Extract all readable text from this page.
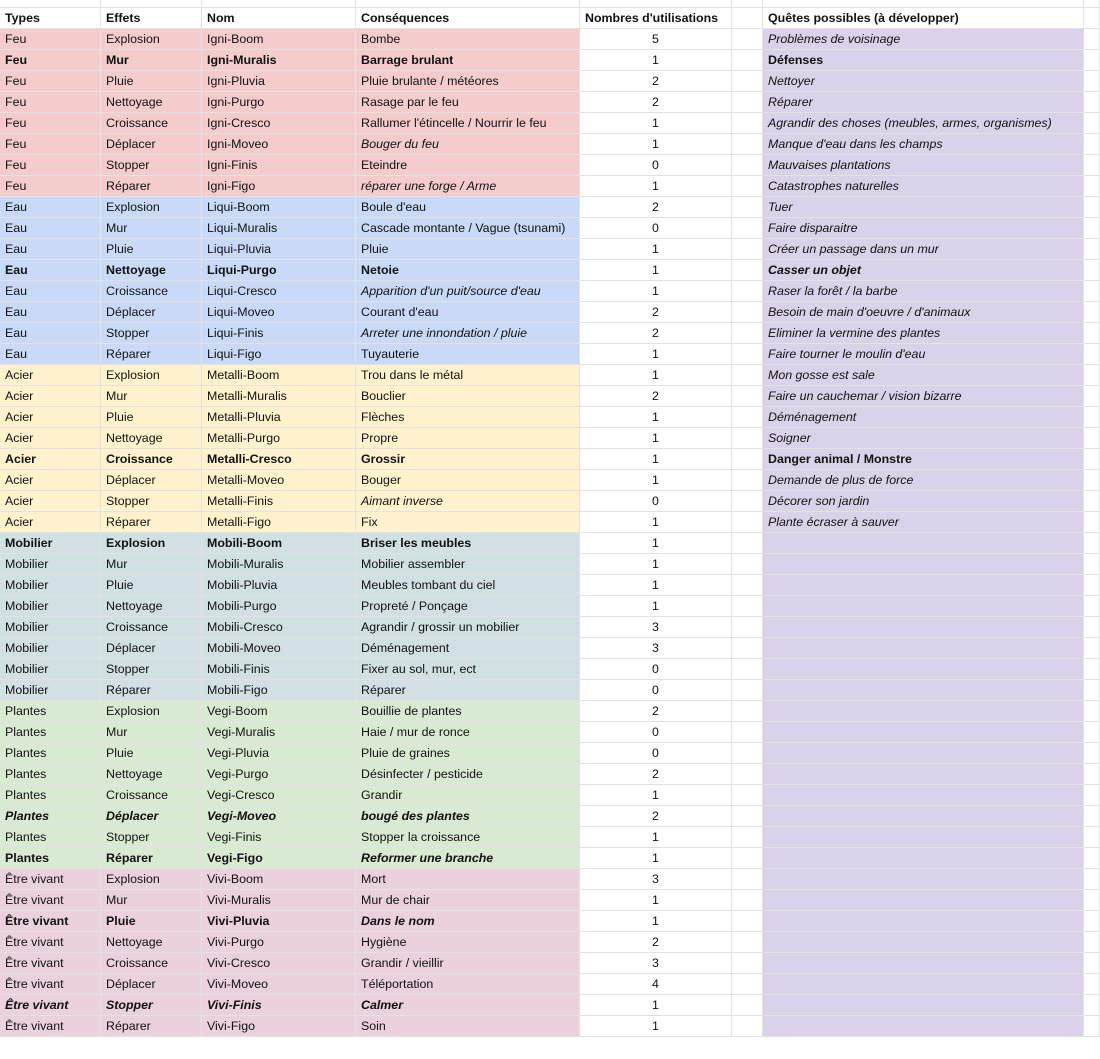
Types	Effets	Nom	Conséquences	Nombres d'utilisations	Quêtes possibles (à développer)
Feu	Explosion	Igni-Boom	Bombe	5	Problèmes de voisinage
Feu	Mur	Igni-Muralis	Barrage brulant	1	Défenses
Feu	Pluie	Igni-Pluvia	Pluie brulante / météores	2	Nettoyer
Feu	Nettoyage	Igni-Purgo	Rasage par le feu	2	Réparer
Feu	Croissance	Igni-Cresco	Rallumer l'étincelle / Nourrir le feu	1	Agrandir des choses (meubles, armes, organismes)
Feu	Déplacer	Igni-Moveo	Bouger du feu	1	Manque d'eau dans les champs
Feu	Stopper	Igni-Finis	Eteindre	0	Mauvaises plantations
Feu	Réparer	Igni-Figo	réparer une forge / Arme	1	Catastrophes naturelles
Eau	Explosion	Liqui-Boom	Boule d'eau	2	Tuer
Eau	Mur	Liqui-Muralis	Cascade montante / Vague (tsunami)	0	Faire disparaitre
Eau	Pluie	Liqui-Pluvia	Pluie	1	Créer un passage dans un mur
Eau	Nettoyage	Liqui-Purgo	Netoie	1	Casser un objet
Eau	Croissance	Liqui-Cresco	Apparition d'un puit/source d'eau	1	Raser la forêt / la barbe
Eau	Déplacer	Liqui-Moveo	Courant d'eau	2	Besoin de main d'oeuvre / d'animaux
Eau	Stopper	Liqui-Finis	Arreter une innondation / pluie	2	Eliminer la vermine des plantes
Eau	Réparer	Liqui-Figo	Tuyauterie	1	Faire tourner le moulin d'eau
Acier	Explosion	Metalli-Boom	Trou dans le métal	1	Mon gosse est sale
Acier	Mur	Metalli-Muralis	Bouclier	2	Faire un cauchemar / vision bizarre
Acier	Pluie	Metalli-Pluvia	Flèches	1	Déménagement
Acier	Nettoyage	Metalli-Purgo	Propre	1	Soigner
Acier	Croissance	Metalli-Cresco	Grossir	1	Danger animal / Monstre
Acier	Déplacer	Metalli-Moveo	Bouger	1	Demande de plus de force
Acier	Stopper	Metalli-Finis	Aimant inverse	0	Décorer son jardin
Acier	Réparer	Metalli-Figo	Fix	1	Plante écraser à sauver
Mobilier	Explosion	Mobili-Boom	Briser les meubles	1
Mobilier	Mur	Mobili-Muralis	Mobilier assembler	1
Mobilier	Pluie	Mobili-Pluvia	Meubles tombant du ciel	1
Mobilier	Nettoyage	Mobili-Purgo	Propreté / Ponçage	1
Mobilier	Croissance	Mobili-Cresco	Agrandir / grossir un mobilier	3
Mobilier	Déplacer	Mobili-Moveo	Déménagement	3
Mobilier	Stopper	Mobili-Finis	Fixer au sol, mur, ect	0
Mobilier	Réparer	Mobili-Figo	Réparer	0
Plantes	Explosion	Vegi-Boom	Bouillie de plantes	2
Plantes	Mur	Vegi-Muralis	Haie / mur de ronce	0
Plantes	Pluie	Vegi-Pluvia	Pluie de graines	0
Plantes	Nettoyage	Vegi-Purgo	Désinfecter / pesticide	2
Plantes	Croissance	Vegi-Cresco	Grandir	1
Plantes	Déplacer	Vegi-Moveo	bougé des plantes	2
Plantes	Stopper	Vegi-Finis	Stopper la croissance	1
Plantes	Réparer	Vegi-Figo	Reformer une branche	1
Être vivant	Explosion	Vivi-Boom	Mort	3
Être vivant	Mur	Vivi-Muralis	Mur de chair	1
Être vivant	Pluie	Vivi-Pluvia	Dans le nom	1
Être vivant	Nettoyage	Vivi-Purgo	Hygiène	2
Être vivant	Croissance	Vivi-Cresco	Grandir / vieillir	3
Être vivant	Déplacer	Vivi-Moveo	Téléportation	4
Être vivant	Stopper	Vivi-Finis	Calmer	1
Être vivant	Réparer	Vivi-Figo	Soin	1
